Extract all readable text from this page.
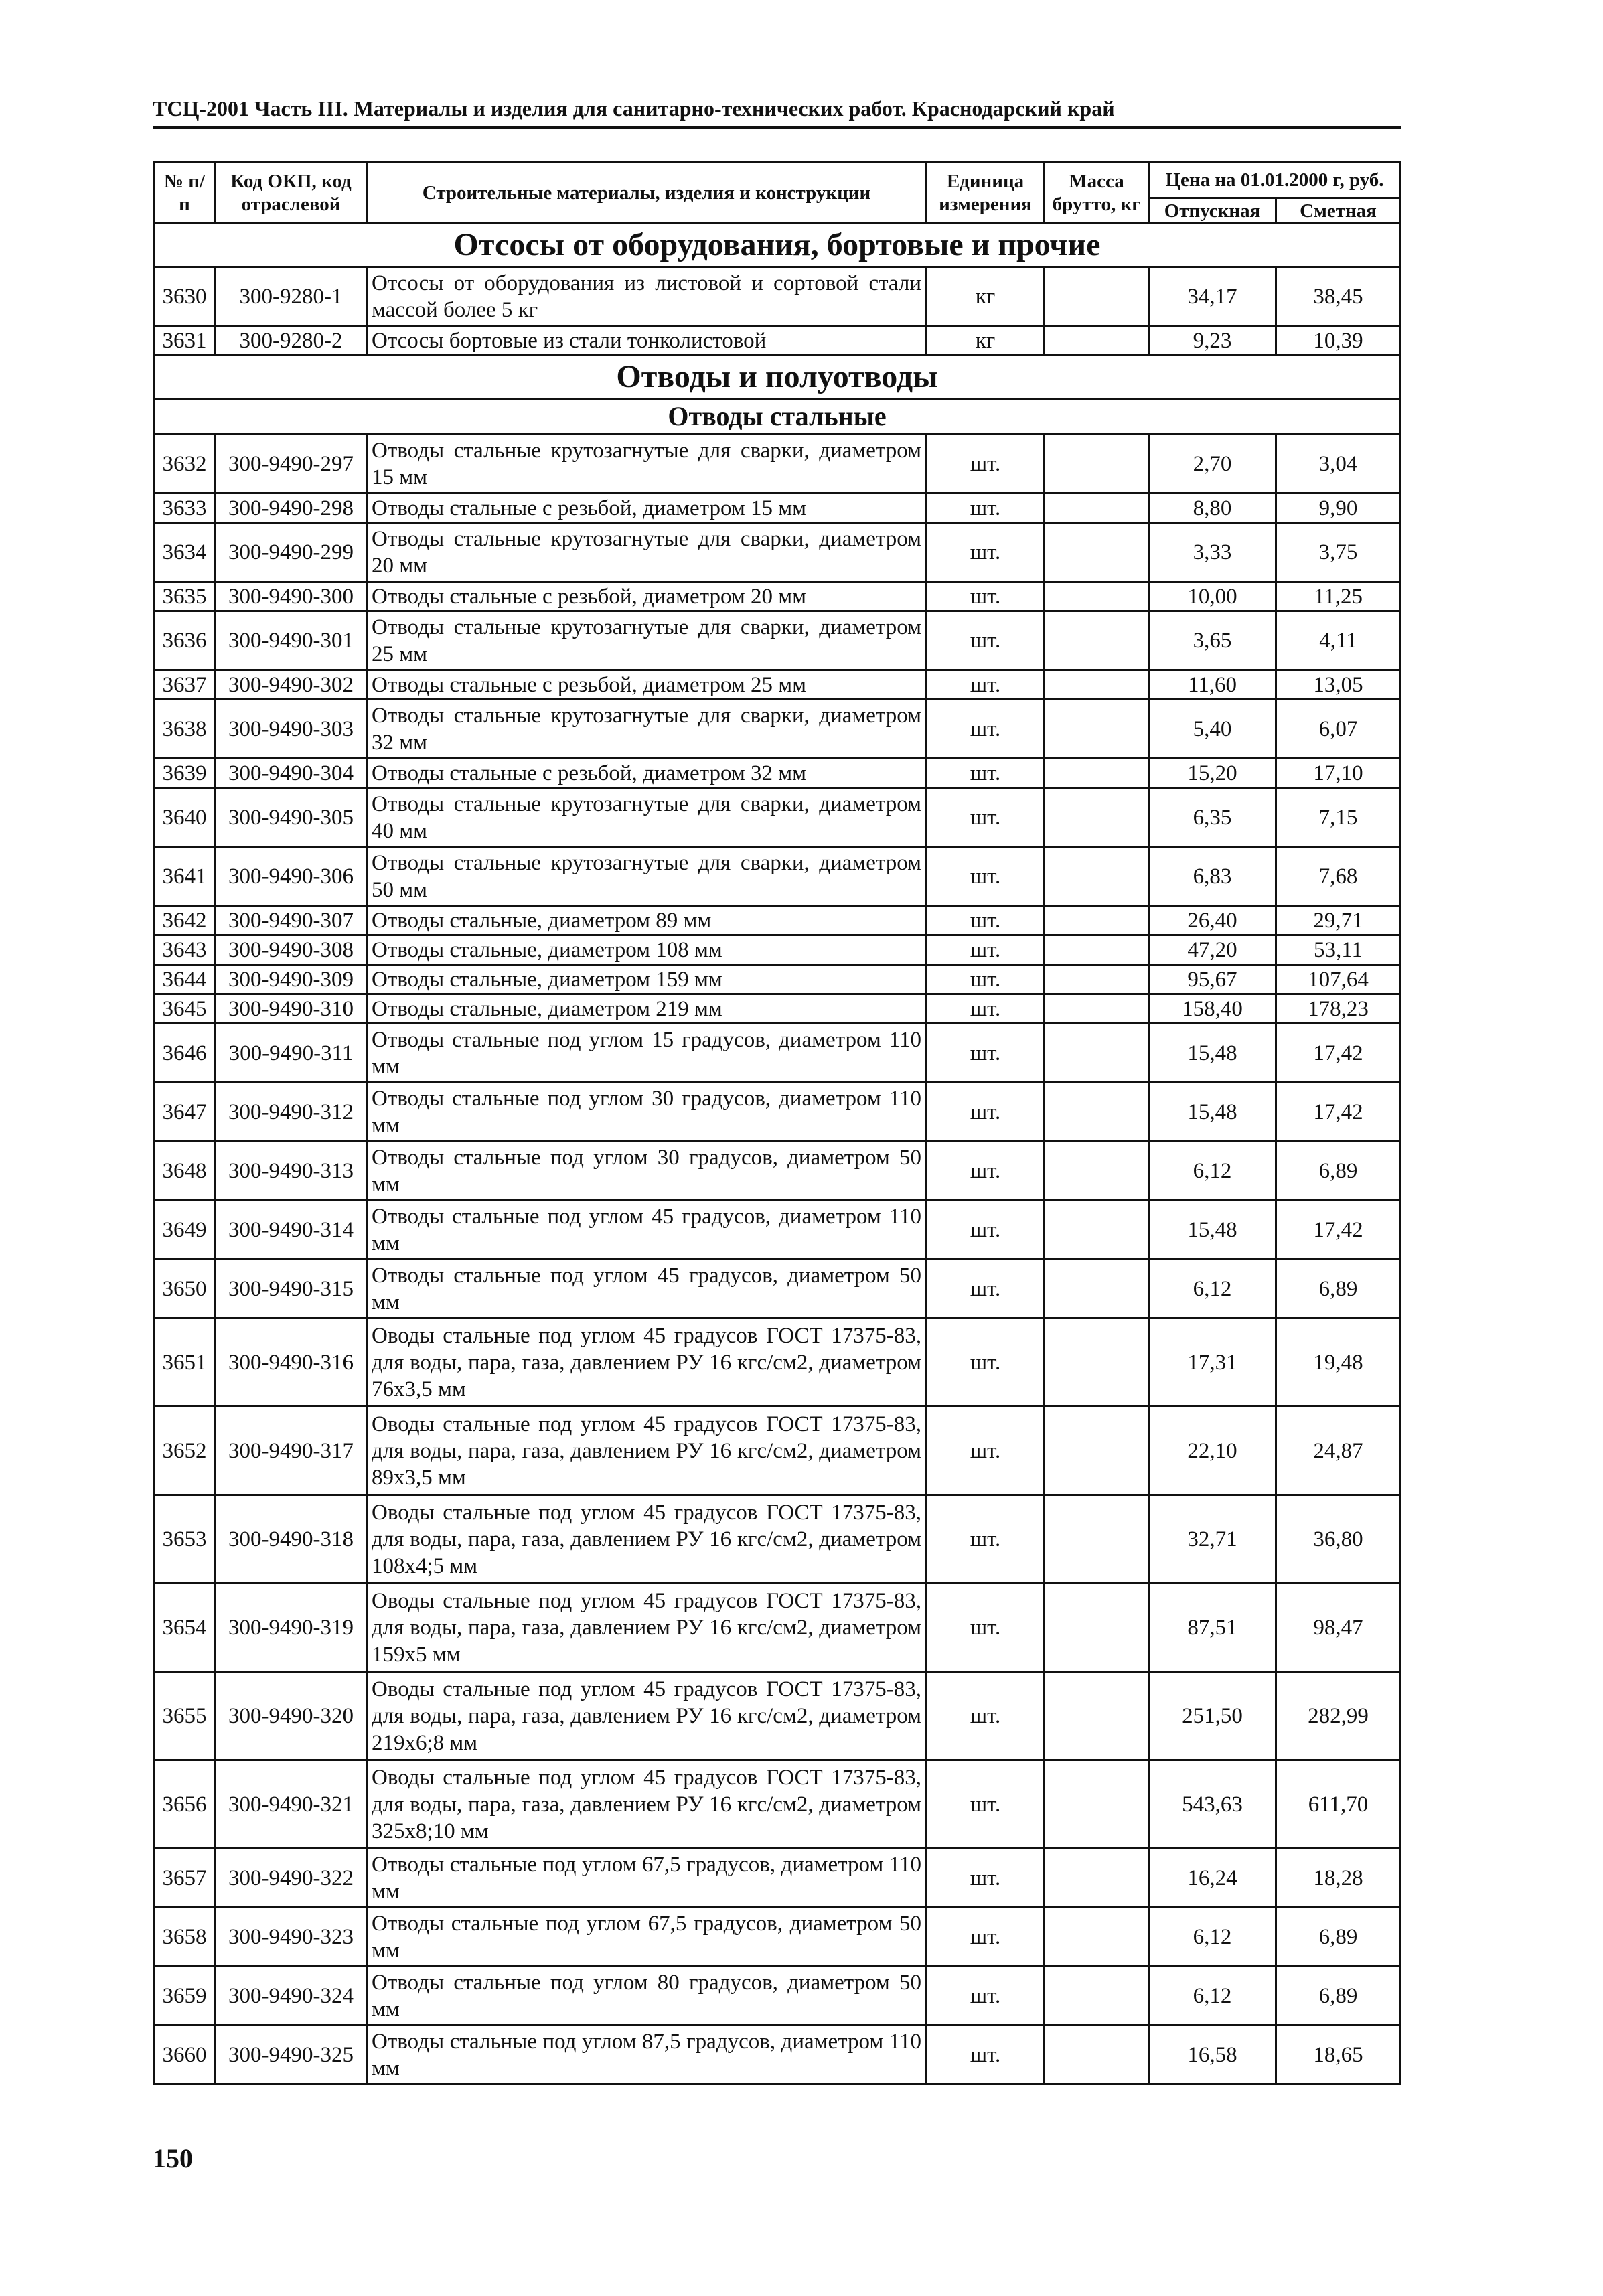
ТСЦ-2001 Часть III. Материалы и изделия для санитарно-технических работ. Краснодарский край
№ п/п	Код ОКП, код отраслевой	Строительные материалы, изделия и конструкции	Единица измерения	Масса брутто, кг	Цена на 01.01.2000 г, руб.	
					Отпускная	Сметная
Отсосы от оборудования, бортовые и прочие						
3630	300-9280-1	Отсосы от оборудования из листовой и сортовой стали массой более 5 кг	кг		34,17	38,45
3631	300-9280-2	Отсосы бортовые из стали тонколистовой	кг		9,23	10,39
Отводы и полуотводы						
Отводы стальные						
3632	300-9490-297	Отводы стальные крутозагнутые для сварки, диаметром 15 мм	шт.		2,70	3,04
3633	300-9490-298	Отводы стальные с резьбой, диаметром 15 мм	шт.		8,80	9,90
3634	300-9490-299	Отводы стальные крутозагнутые для сварки, диаметром 20 мм	шт.		3,33	3,75
3635	300-9490-300	Отводы стальные с резьбой, диаметром 20 мм	шт.		10,00	11,25
3636	300-9490-301	Отводы стальные крутозагнутые для сварки, диаметром 25 мм	шт.		3,65	4,11
3637	300-9490-302	Отводы стальные с резьбой, диаметром 25 мм	шт.		11,60	13,05
3638	300-9490-303	Отводы стальные крутозагнутые для сварки, диаметром 32 мм	шт.		5,40	6,07
3639	300-9490-304	Отводы стальные с резьбой, диаметром 32 мм	шт.		15,20	17,10
3640	300-9490-305	Отводы стальные крутозагнутые для сварки, диаметром 40 мм	шт.		6,35	7,15
3641	300-9490-306	Отводы стальные крутозагнутые для сварки, диаметром 50 мм	шт.		6,83	7,68
3642	300-9490-307	Отводы стальные, диаметром 89 мм	шт.		26,40	29,71
3643	300-9490-308	Отводы стальные, диаметром 108 мм	шт.		47,20	53,11
3644	300-9490-309	Отводы стальные, диаметром 159 мм	шт.		95,67	107,64
3645	300-9490-310	Отводы стальные, диаметром 219 мм	шт.		158,40	178,23
3646	300-9490-311	Отводы стальные под углом 15 градусов, диаметром 110 мм	шт.		15,48	17,42
3647	300-9490-312	Отводы стальные под углом 30 градусов, диаметром 110 мм	шт.		15,48	17,42
3648	300-9490-313	Отводы стальные под углом 30 градусов, диаметром 50 мм	шт.		6,12	6,89
3649	300-9490-314	Отводы стальные под углом 45 градусов, диаметром 110 мм	шт.		15,48	17,42
3650	300-9490-315	Отводы стальные под углом 45 градусов, диаметром 50 мм	шт.		6,12	6,89
3651	300-9490-316	Оводы стальные под углом 45 градусов ГОСТ 17375-83, для воды, пара, газа, давлением РУ 16 кгс/см2, диаметром 76х3,5 мм	шт.		17,31	19,48
3652	300-9490-317	Оводы стальные под углом 45 градусов ГОСТ 17375-83, для воды, пара, газа, давлением РУ 16 кгс/см2, диаметром 89х3,5 мм	шт.		22,10	24,87
3653	300-9490-318	Оводы стальные под углом 45 градусов ГОСТ 17375-83, для воды, пара, газа, давлением РУ 16 кгс/см2, диаметром 108х4;5 мм	шт.		32,71	36,80
3654	300-9490-319	Оводы стальные под углом 45 градусов ГОСТ 17375-83, для воды, пара, газа, давлением РУ 16 кгс/см2, диаметром 159х5 мм	шт.		87,51	98,47
3655	300-9490-320	Оводы стальные под углом 45 градусов ГОСТ 17375-83, для воды, пара, газа, давлением РУ 16 кгс/см2, диаметром 219х6;8 мм	шт.		251,50	282,99
3656	300-9490-321	Оводы стальные под углом 45 градусов ГОСТ 17375-83, для воды, пара, газа, давлением РУ 16 кгс/см2, диаметром 325х8;10 мм	шт.		543,63	611,70
3657	300-9490-322	Отводы стальные под углом 67,5 градусов, диаметром 110 мм	шт.		16,24	18,28
3658	300-9490-323	Отводы стальные под углом 67,5 градусов, диаметром 50 мм	шт.		6,12	6,89
3659	300-9490-324	Отводы стальные под углом 80 градусов, диаметром 50 мм	шт.		6,12	6,89
3660	300-9490-325	Отводы стальные под углом 87,5 градусов, диаметром 110 мм	шт.		16,58	18,65
150
